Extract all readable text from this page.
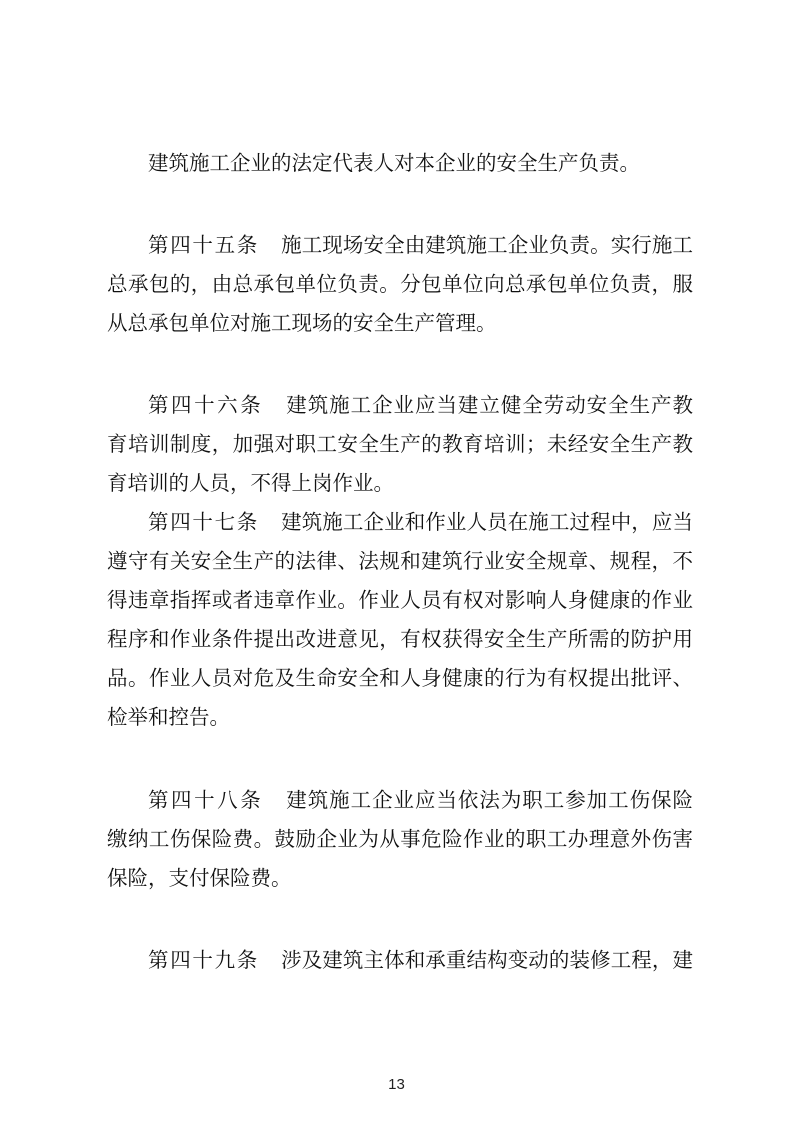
建筑施工企业的法定代表人对本企业的安全生产负责。
第四十五条 施工现场安全由建筑施工企业负责。实行施工
总承包的，由总承包单位负责。分包单位向总承包单位负责，服
从总承包单位对施工现场的安全生产管理。
第四十六条 建筑施工企业应当建立健全劳动安全生产教
育培训制度，加强对职工安全生产的教育培训；未经安全生产教
育培训的人员，不得上岗作业。
第四十七条 建筑施工企业和作业人员在施工过程中，应当
遵守有关安全生产的法律、法规和建筑行业安全规章、规程，不
得违章指挥或者违章作业。作业人员有权对影响人身健康的作业
程序和作业条件提出改进意见，有权获得安全生产所需的防护用
品。作业人员对危及生命安全和人身健康的行为有权提出批评、
检举和控告。
第四十八条 建筑施工企业应当依法为职工参加工伤保险
缴纳工伤保险费。鼓励企业为从事危险作业的职工办理意外伤害
保险，支付保险费。
第四十九条 涉及建筑主体和承重结构变动的装修工程，建
13
